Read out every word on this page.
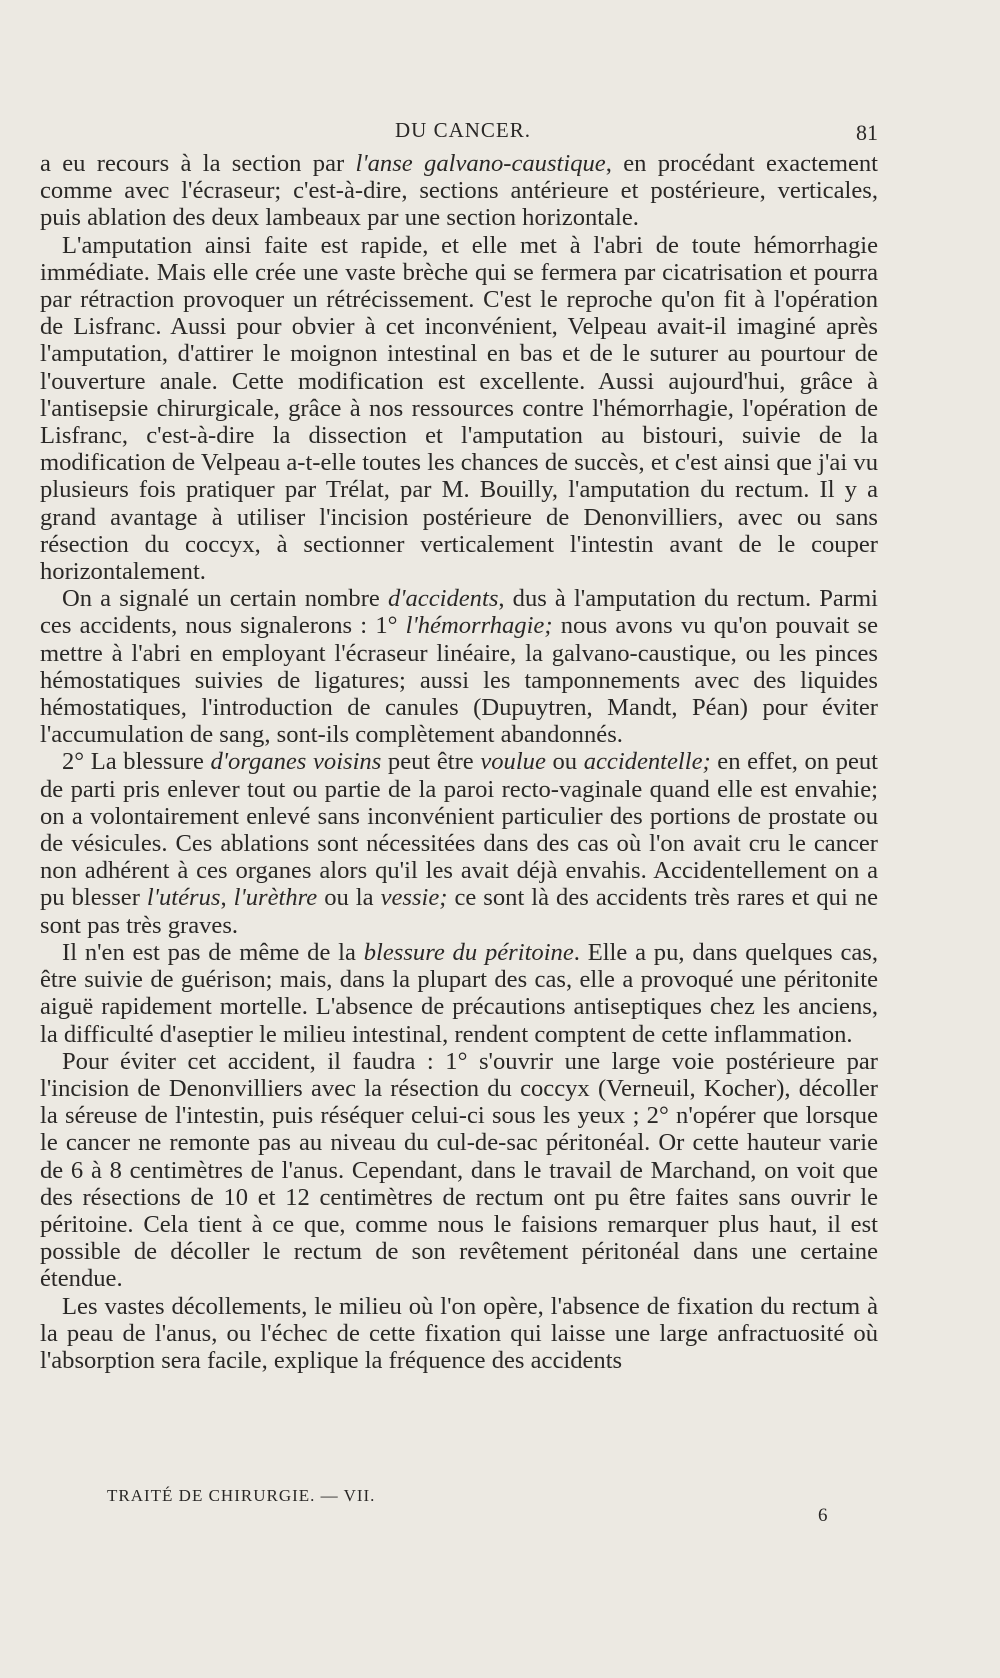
DU CANCER.	81

a eu recours à la section par l'anse galvano-caustique, en procédant exactement comme avec l'écraseur; c'est-à-dire, sections antérieure et postérieure, verticales, puis ablation des deux lambeaux par une section horizontale.

L'amputation ainsi faite est rapide, et elle met à l'abri de toute hémorrhagie immédiate. Mais elle crée une vaste brèche qui se fermera par cicatrisation et pourra par rétraction provoquer un rétrécissement. C'est le reproche qu'on fit à l'opération de Lisfranc. Aussi pour obvier à cet inconvénient, Velpeau avait-il imaginé après l'amputation, d'attirer le moignon intestinal en bas et de le suturer au pourtour de l'ouverture anale. Cette modification est excellente. Aussi aujourd'hui, grâce à l'antisepsie chirurgicale, grâce à nos ressources contre l'hémorrhagie, l'opération de Lisfranc, c'est-à-dire la dissection et l'amputation au bistouri, suivie de la modification de Velpeau a-t-elle toutes les chances de succès, et c'est ainsi que j'ai vu plusieurs fois pratiquer par Trélat, par M. Bouilly, l'amputation du rectum. Il y a grand avantage à utiliser l'incision postérieure de Denonvilliers, avec ou sans résection du coccyx, à sectionner verticalement l'intestin avant de le couper horizontalement.

On a signalé un certain nombre d'accidents, dus à l'amputation du rectum. Parmi ces accidents, nous signalerons : 1° l'hémorrhagie; nous avons vu qu'on pouvait se mettre à l'abri en employant l'écraseur linéaire, la galvano-caustique, ou les pinces hémostatiques suivies de ligatures; aussi les tamponnements avec des liquides hémostatiques, l'introduction de canules (Dupuytren, Mandt, Péan) pour éviter l'accumulation de sang, sont-ils complètement abandonnés.

2° La blessure d'organes voisins peut être voulue ou accidentelle; en effet, on peut de parti pris enlever tout ou partie de la paroi recto-vaginale quand elle est envahie; on a volontairement enlevé sans inconvénient particulier des portions de prostate ou de vésicules. Ces ablations sont nécessitées dans des cas où l'on avait cru le cancer non adhérent à ces organes alors qu'il les avait déjà envahis. Accidentellement on a pu blesser l'utérus, l'urèthre ou la vessie; ce sont là des accidents très rares et qui ne sont pas très graves.

Il n'en est pas de même de la blessure du péritoine. Elle a pu, dans quelques cas, être suivie de guérison; mais, dans la plupart des cas, elle a provoqué une péritonite aiguë rapidement mortelle. L'absence de précautions antiseptiques chez les anciens, la difficulté d'aseptier le milieu intestinal, rendent comptent de cette inflammation.

Pour éviter cet accident, il faudra : 1° s'ouvrir une large voie postérieure par l'incision de Denonvilliers avec la résection du coccyx (Verneuil, Kocher), décoller la séreuse de l'intestin, puis réséquer celui-ci sous les yeux ; 2° n'opérer que lorsque le cancer ne remonte pas au niveau du cul-de-sac péritonéal. Or cette hauteur varie de 6 à 8 centimètres de l'anus. Cependant, dans le travail de Marchand, on voit que des résections de 10 et 12 centimètres de rectum ont pu être faites sans ouvrir le péritoine. Cela tient à ce que, comme nous le faisions remarquer plus haut, il est possible de décoller le rectum de son revêtement péritonéal dans une certaine étendue.

Les vastes décollements, le milieu où l'on opère, l'absence de fixation du rectum à la peau de l'anus, ou l'échec de cette fixation qui laisse une large anfractuosité où l'absorption sera facile, explique la fréquence des accidents

TRAITÉ DE CHIRURGIE. — VII.
6
